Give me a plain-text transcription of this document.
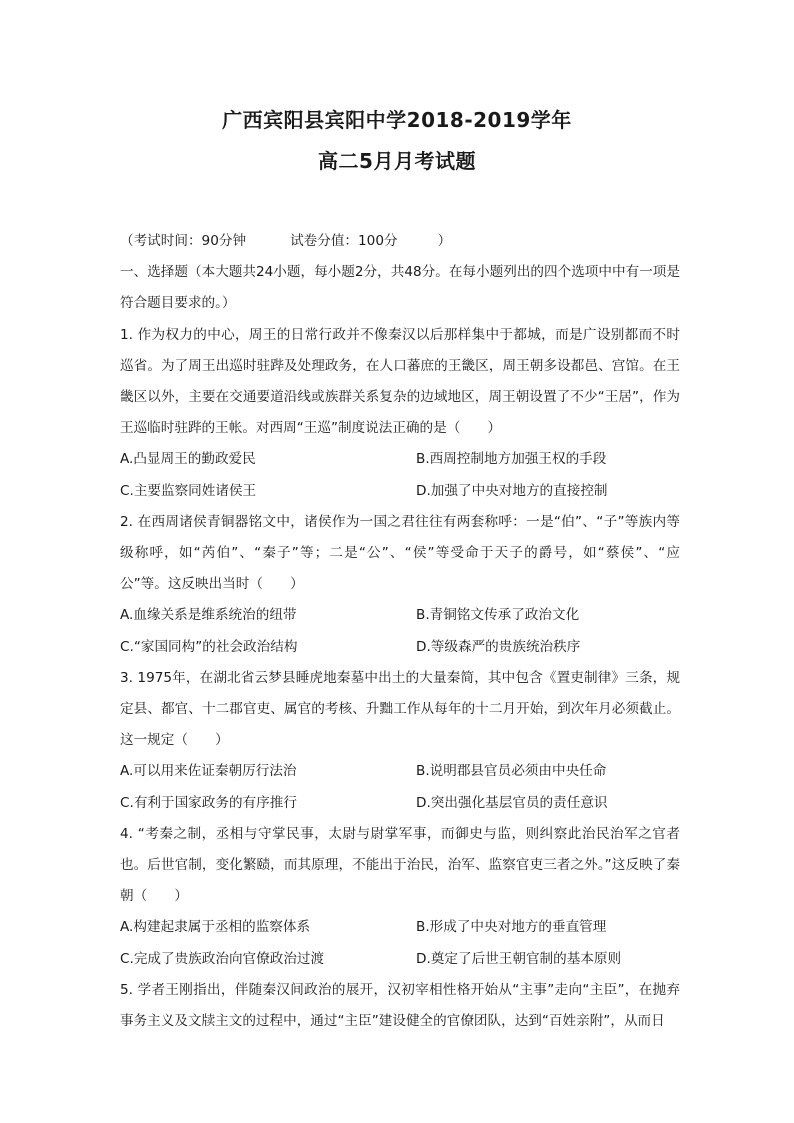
广西宾阳县宾阳中学2018-2019学年
高二5月月考试题

（考试时间：90分钟	试卷分值：100分	）

一、选择题（本大题共24小题，每小题2分，共48分。在每小题列出的四个选项中中有一项是符合题目要求的。）

1. 作为权力的中心，周王的日常行政并不像秦汉以后那样集中于都城，而是广设别都而不时巡省。为了周王出巡时驻跸及处理政务，在人口蕃庶的王畿区，周王朝多设都邑、宫馆。在王畿区以外，主要在交通要道沿线或族群关系复杂的边域地区，周王朝设置了不少“王居”，作为王巡临时驻跸的王帐。对西周“王巡”制度说法正确的是（　　）

A.凸显周王的勤政爱民	B.西周控制地方加强王权的手段
C.主要监察同姓诸侯王	D.加强了中央对地方的直接控制

2. 在西周诸侯青铜器铭文中，诸侯作为一国之君往往有两套称呼：一是“伯”、“子”等族内等级称呼，如“芮伯”、“秦子”等；二是“公”、“侯”等受命于天子的爵号，如“蔡侯”、“应公”等。这反映出当时（　　）

A.血缘关系是维系统治的纽带	B.青铜铭文传承了政治文化
C.“家国同构”的社会政治结构	D.等级森严的贵族统治秩序

3. 1975年，在湖北省云梦县睡虎地秦墓中出土的大量秦简，其中包含《置吏制律》三条，规定县、都官、十二郡官吏、属官的考核、升黜工作从每年的十二月开始，到次年月必须截止。这一规定（　　）

A.可以用来佐证秦朝厉行法治	B.说明郡县官员必须由中央任命
C.有利于国家政务的有序推行	D.突出强化基层官员的责任意识

4. “考秦之制，丞相与守掌民事，太尉与尉掌军事，而御史与监，则纠察此治民治军之官者也。后世官制，变化繁赜，而其原理，不能出于治民，治军、监察官吏三者之外。”这反映了秦朝（　　）

A.构建起隶属于丞相的监察体系	B.形成了中央对地方的垂直管理
C.完成了贵族政治向官僚政治过渡	D.奠定了后世王朝官制的基本原则

5. 学者王刚指出，伴随秦汉间政治的展开，汉初宰相性格开始从“主事”走向“主臣”，在抛弃事务主义及文牍主文的过程中，通过“主臣”建设健全的官僚团队，达到“百姓亲附”，从而日
